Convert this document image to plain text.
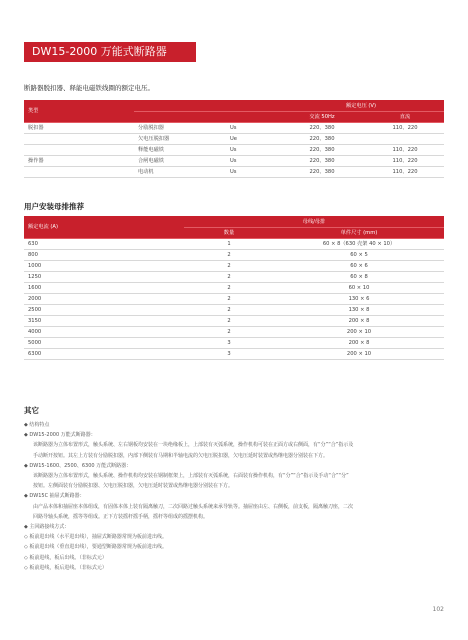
DW15-2000 万能式断路器
断路器脱扣器、释能电磁铁线圈的额定电压。
类型			额定电压 (V)	
			交流 50Hz	直流
脱扣器	分励脱扣器	Us	220、380	110、220
	欠电压脱扣器	Ue	220、380	
	释能电磁铁	Us	220、380	110、220
操作器	合闸电磁铁	Us	220、380	110、220
	电动机	Us	220、380	110、220
用户安装母排推荐
额定电流 (A)	母线/母排	
	数量	单件尺寸 (mm)
630	1	60 × 8（630 壳架 40 × 10）
800	2	60 × 5
1000	2	60 × 6
1250	2	60 × 8
1600	2	60 × 10
2000	2	130 × 6
2500	2	130 × 8
3150	2	200 × 8
4000	2	200 × 10
5000	3	200 × 8
6300	3	200 × 10
其它
◆ 结构特点
◆ DW15-2000 万能式断路器：
该断路器为立体布置形式，触头系统、左右钢板均安装在一块绝缘板上，上部装有灭弧系统，操作机构可装在正面方或右侧面，有“分”“合”指示及
手动断开按钮。其左上方装有分励脱扣器，内部下侧装有马期和半轴电流的欠电压脱扣器，欠电压延时装置或热继电器分别装在下方。
◆ DW15-1600、2500、6300 万能式断路器：
该断路器为立体布置形式，触头系统、操作机构均安装在钢制框架上，上部装有灭弧系统，右面装有操作机构，有“分”“合”指示及手动“合”“分”
按钮。左侧面装有分励脱扣器、欠电压脱扣器，欠电压延时装置或热继电器分别装在下方。
◆ DW15C 抽屉式断路器：
由产品本体和抽屉座本体组成，有固体本体上装有隔离触刀，二次回路过触头系统来承导轨等。抽屉座由左、右侧板，前支板，隔离触刀座，二次
回路导轴头系统，摇等等组成。正下方装摇杆摇手柄，摇杆等组成的摇摆机构。
◆ 主回路接线方式：
◇ 板前进出线（水平进出线），抽屉式断路器常规为板前进出线。
◇ 板前进出线（垂直进出线），要通型断路器常规为板前进出线。
◇ 板前进线，板后出线。（非标式元）
◇ 板前进线，板后进线。（非标式元）
102
